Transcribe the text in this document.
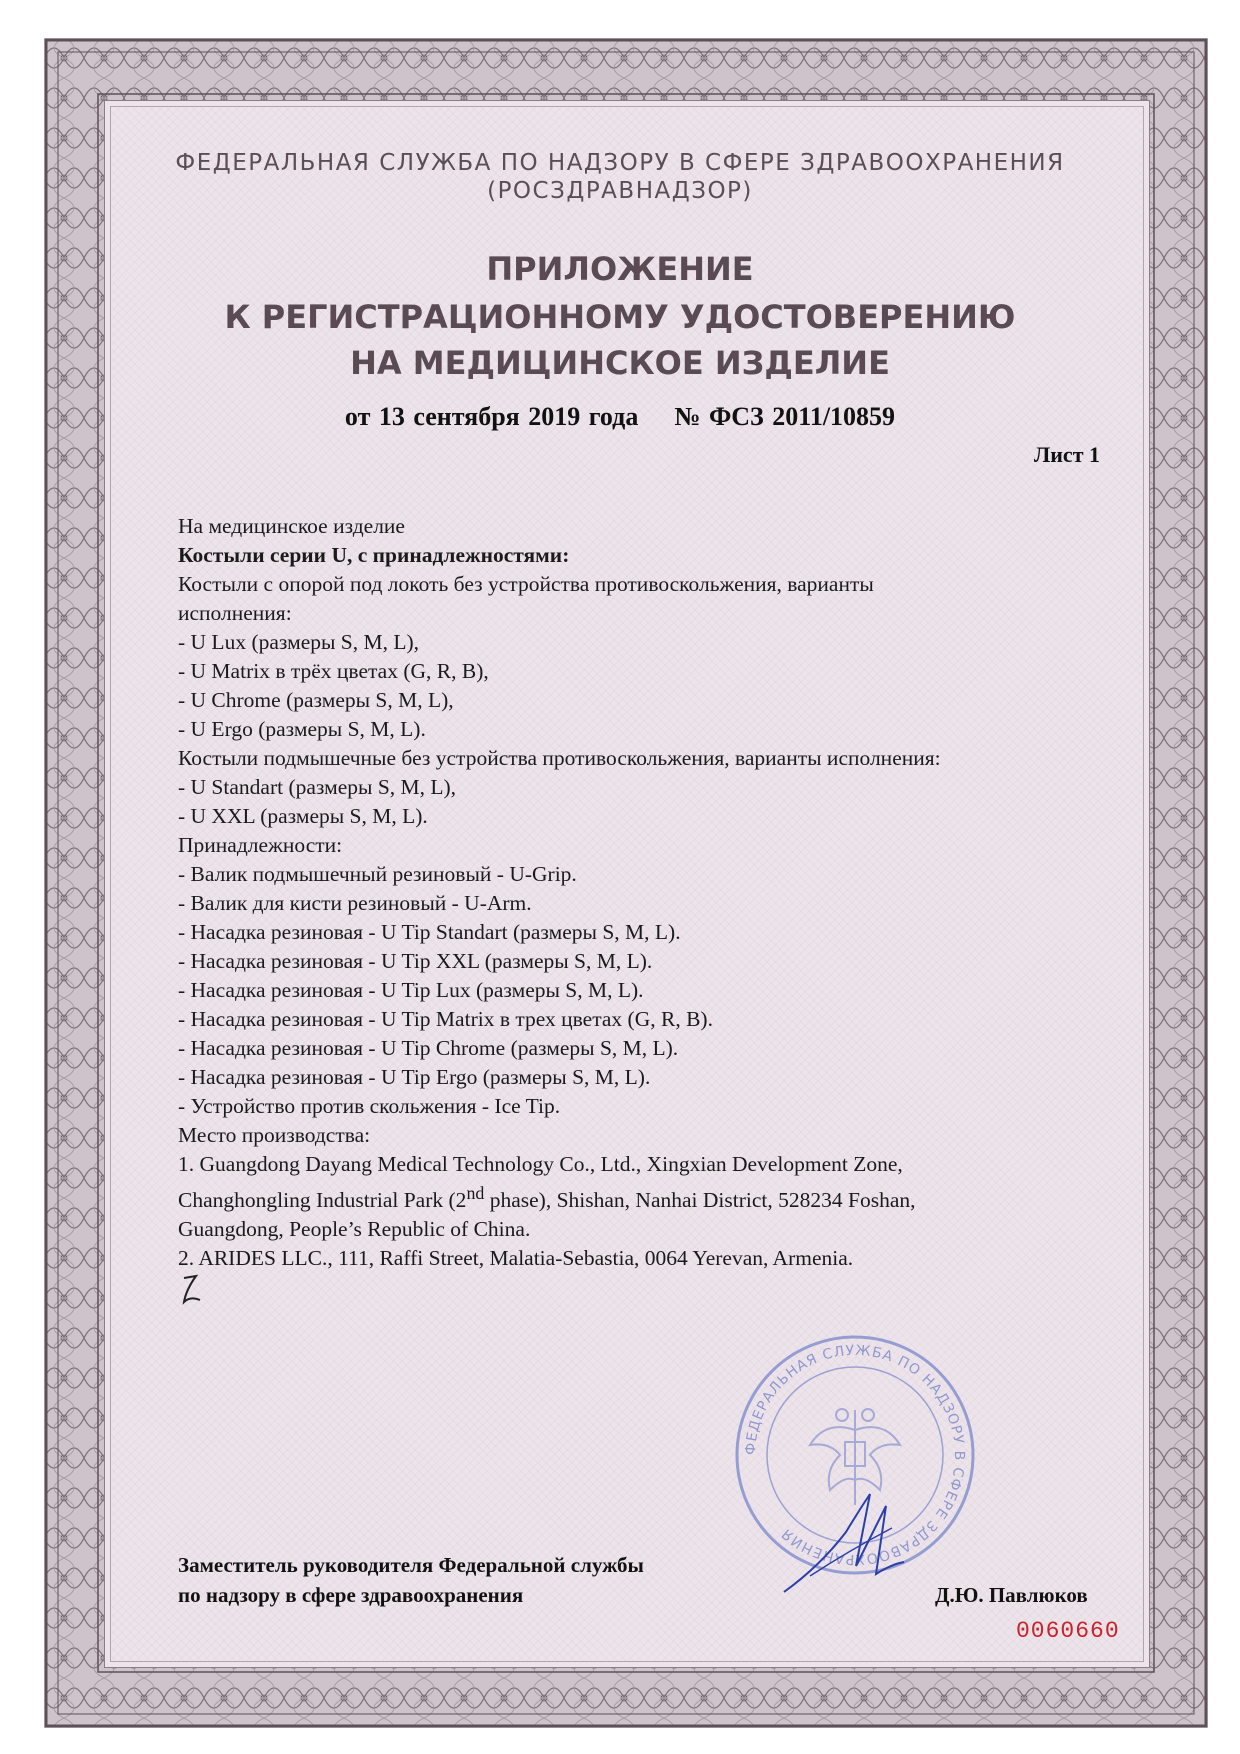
ФЕДЕРАЛЬНАЯ СЛУЖБА ПО НАДЗОРУ В СФЕРЕ ЗДРАВООХРАНЕНИЯ
(РОСЗДРАВНАДЗОР)
ПРИЛОЖЕНИЕ
К РЕГИСТРАЦИОННОМУ УДОСТОВЕРЕНИЮ
НА МЕДИЦИНСКОЕ ИЗДЕЛИЕ
от 13 сентября 2019 года № ФСЗ 2011/10859
Лист 1
На медицинское изделие
Костыли серии U, с принадлежностями:
Костыли с опорой под локоть без устройства противоскольжения, варианты
исполнения:
- U Lux (размеры S, M, L),
- U Matrix в трёх цветах (G, R, B),
- U Chrome (размеры S, M, L),
- U Ergo (размеры S, M, L).
Костыли подмышечные без устройства противоскольжения, варианты исполнения:
- U Standart (размеры S, M, L),
- U XXL (размеры S, M, L).
Принадлежности:
- Валик подмышечный резиновый - U-Grip.
- Валик для кисти резиновый - U-Arm.
- Насадка резиновая - U Tip Standart (размеры S, M, L).
- Насадка резиновая - U Tip XXL (размеры S, M, L).
- Насадка резиновая - U Tip Lux (размеры S, M, L).
- Насадка резиновая - U Tip Matrix в трех цветах (G, R, B).
- Насадка резиновая - U Tip Chrome (размеры S, M, L).
- Насадка резиновая - U Tip Ergo (размеры S, M, L).
- Устройство против скольжения - Ice Tip.
Место производства:
1. Guangdong Dayang Medical Technology Co., Ltd., Xingxian Development Zone,
Changhongling Industrial Park (2nd phase), Shishan, Nanhai District, 528234 Foshan,
Guangdong, People’s Republic of China.
2. ARIDES LLC., 111, Raffi Street, Malatia-Sebastia, 0064 Yerevan, Armenia.
ФЕДЕРАЛЬНАЯ СЛУЖБА ПО НАДЗОРУ В СФЕРЕ ЗДРАВООХРАНЕНИЯ
Заместитель руководителя Федеральной службы
по надзору в сфере здравоохранения	Д.Ю. Павлюков
0060660
